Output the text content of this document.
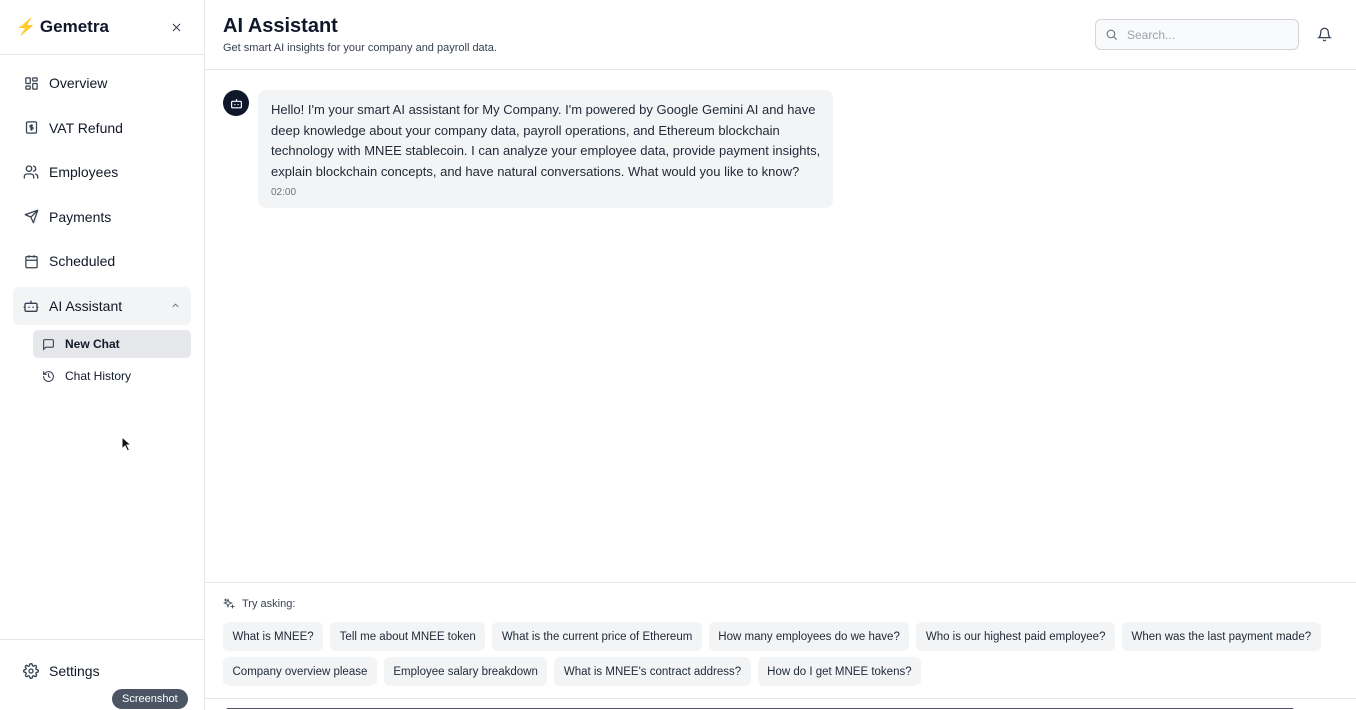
⚡ Gemetra
Overview
VAT Refund
Employees
Payments
Scheduled
AI Assistant
New Chat
Chat History
Settings
Screenshot
AI Assistant
Get smart AI insights for your company and payroll data.
Search...
Hello! I'm your smart AI assistant for My Company. I'm powered by Google Gemini AI and have deep knowledge about your company data, payroll operations, and Ethereum blockchain technology with MNEE stablecoin. I can analyze your employee data, provide payment insights, explain blockchain concepts, and have natural conversations. What would you like to know?
02:00
Try asking:
What is MNEE?	Tell me about MNEE token	What is the current price of Ethereum	How many employees do we have?	Who is our highest paid employee?	When was the last payment made?
Company overview please	Employee salary breakdown	What is MNEE's contract address?	How do I get MNEE tokens?
